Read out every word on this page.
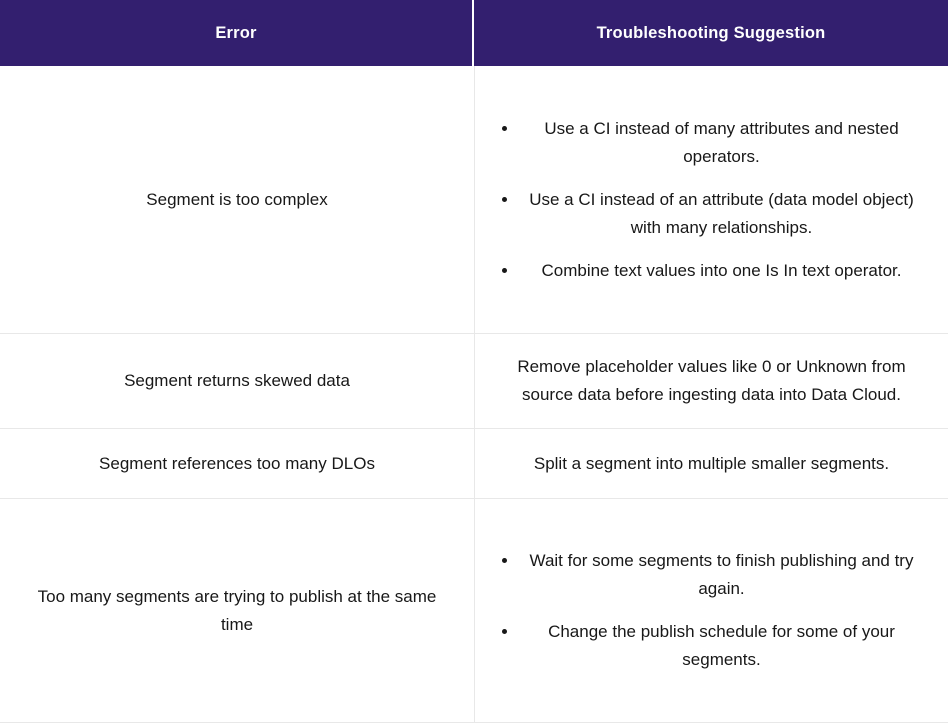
Error	Troubleshooting Suggestion
Segment is too complex
• Use a CI instead of many attributes and nested operators.
• Use a CI instead of an attribute (data model object) with many relationships.
• Combine text values into one Is In text operator.
Segment returns skewed data
Remove placeholder values like 0 or Unknown from source data before ingesting data into Data Cloud.
Segment references too many DLOs	Split a segment into multiple smaller segments.
Too many segments are trying to publish at the same time
• Wait for some segments to finish publishing and try again.
• Change the publish schedule for some of your segments.
